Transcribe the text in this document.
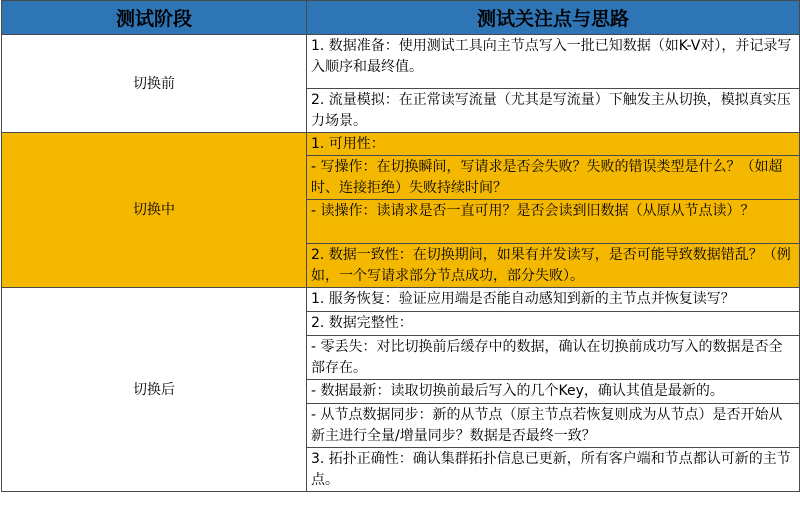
测试阶段	测试关注点与思路
切换前	1. 数据准备：使用测试工具向主节点写入一批已知数据（如K-V对），并记录写入顺序和最终值。
	2. 流量模拟：在正常读写流量（尤其是写流量）下触发主从切换，模拟真实压力场景。
切换中	1. 可用性：
	- 写操作：在切换瞬间，写请求是否会失败？失败的错误类型是什么？（如超时、连接拒绝）失败持续时间？
	- 读操作：读请求是否一直可用？是否会读到旧数据（从原从节点读）？
	2. 数据一致性：在切换期间，如果有并发读写，是否可能导致数据错乱？（例如，一个写请求部分节点成功，部分失败）。
切换后	1. 服务恢复：验证应用端是否能自动感知到新的主节点并恢复读写？
	2. 数据完整性：
	- 零丢失：对比切换前后缓存中的数据，确认在切换前成功写入的数据是否全部存在。
	- 数据最新：读取切换前最后写入的几个Key，确认其值是最新的。
	- 从节点数据同步：新的从节点（原主节点若恢复则成为从节点）是否开始从新主进行全量/增量同步？数据是否最终一致？
	3. 拓扑正确性：确认集群拓扑信息已更新，所有客户端和节点都认可新的主节点。
